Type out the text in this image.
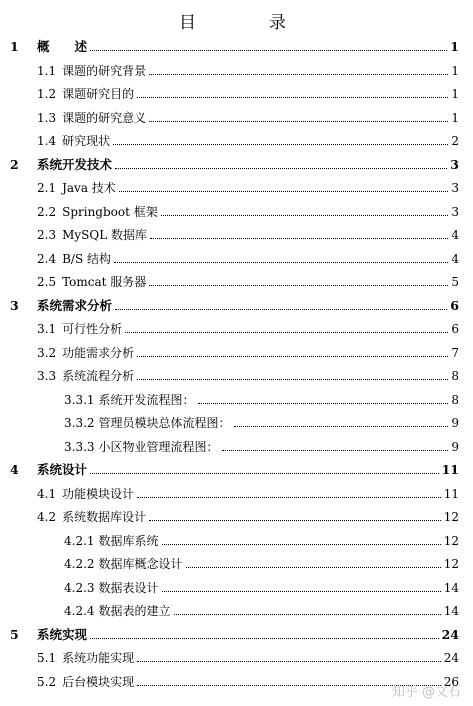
目　录
1	概　　述	1
1.1 课题的研究背景	1
1.2 课题研究目的	1
1.3 课题的研究意义	1
1.4 研究现状	2
2	系统开发技术	3
2.1 Java 技术	3
2.2 Springboot 框架	3
2.3 MySQL 数据库	4
2.4 B/S 结构	4
2.5 Tomcat 服务器	5
3	系统需求分析	6
3.1 可行性分析	6
3.2 功能需求分析	7
3.3 系统流程分析	8
3.3.1 系统开发流程图：	8
3.3.2 管理员模块总体流程图：	9
3.3.3 小区物业管理流程图：	9
4	系统设计	11
4.1 功能模块设计	11
4.2 系统数据库设计	12
4.2.1 数据库系统	12
4.2.2 数据库概念设计	12
4.2.3 数据表设计	14
4.2.4 数据表的建立	14
5	系统实现	24
5.1 系统功能实现	24
5.2 后台模块实现	26
知乎 @文石
